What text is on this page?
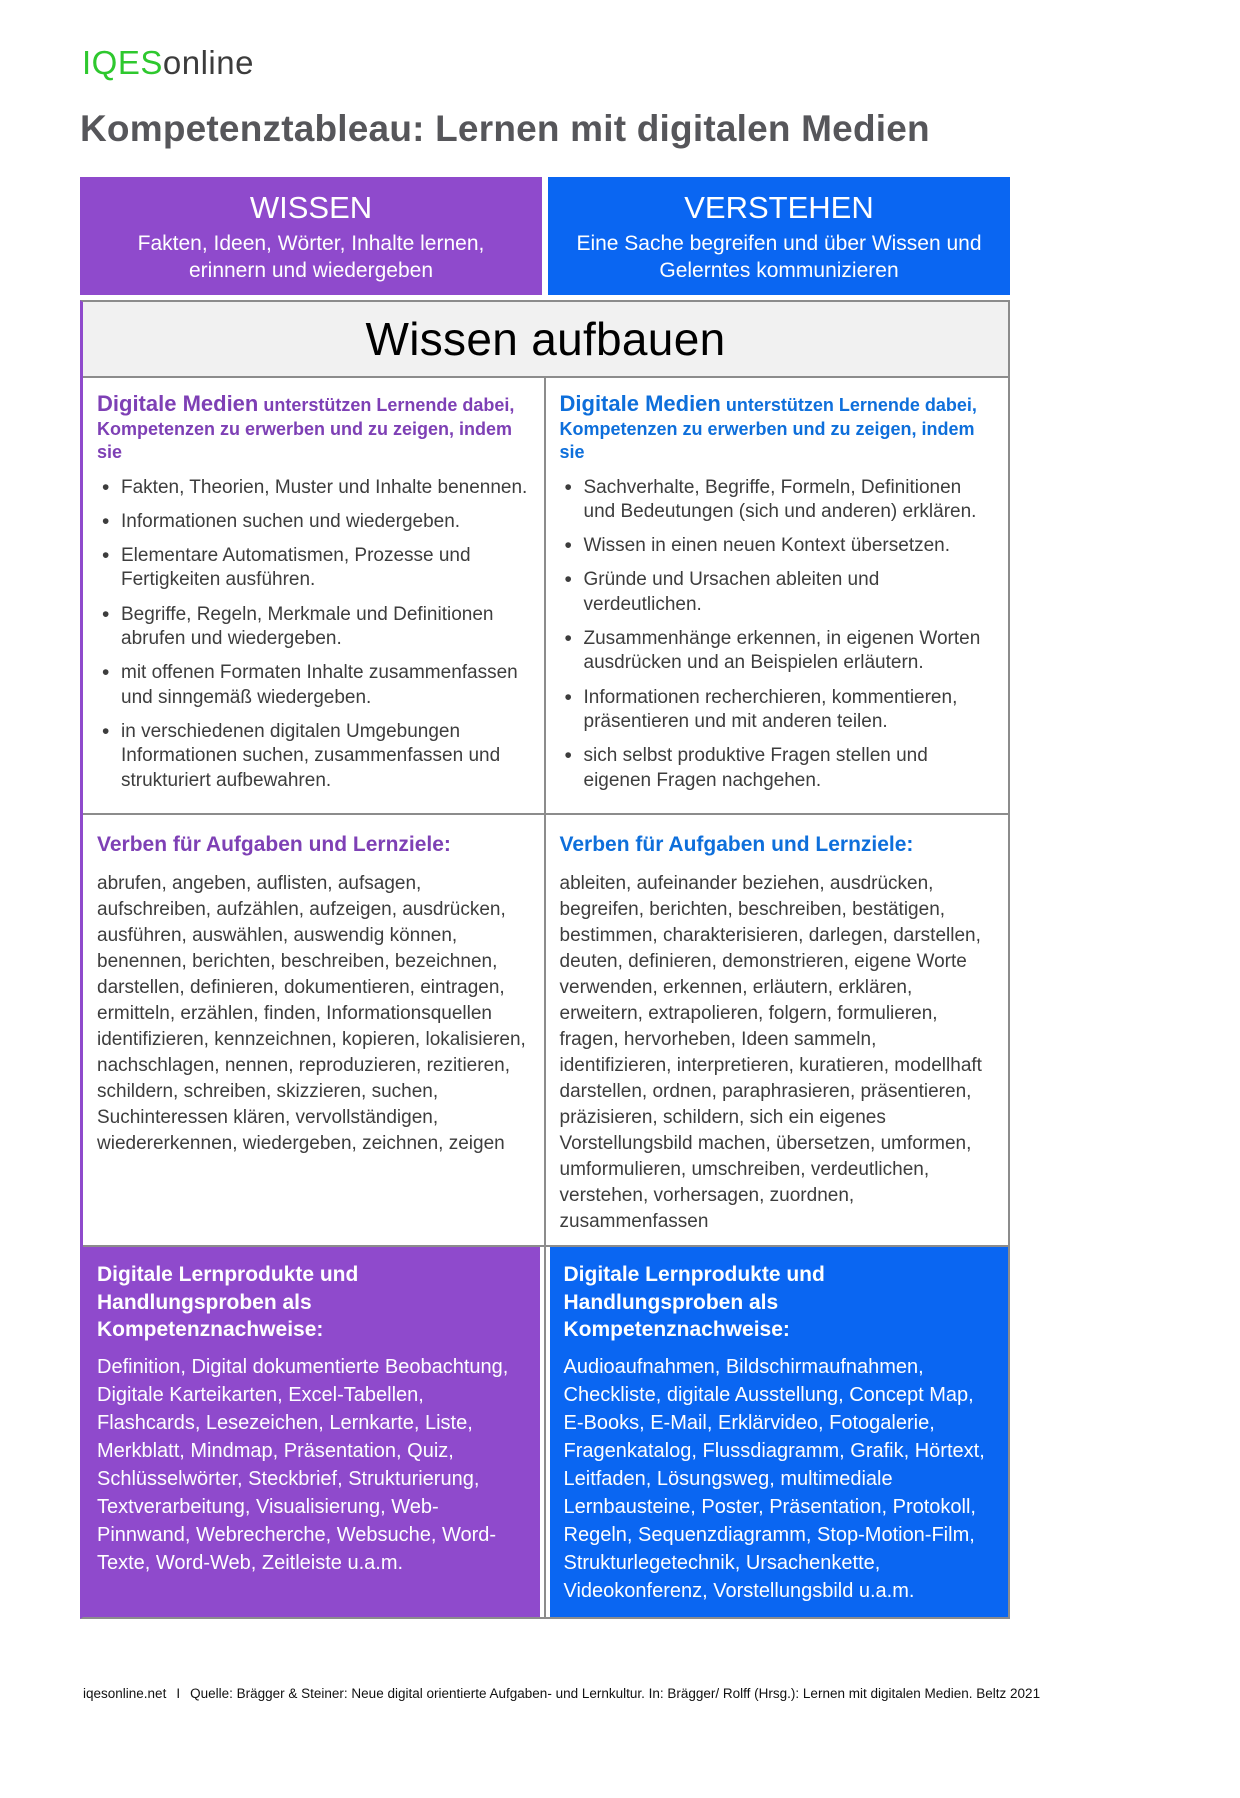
IQESonline
Kompetenztableau: Lernen mit digitalen Medien
WISSEN
Fakten, Ideen, Wörter, Inhalte lernen, erinnern und wiedergeben
VERSTEHEN
Eine Sache begreifen und über Wissen und Gelerntes kommunizieren
Wissen aufbauen

Digitale Medien unterstützen Lernende dabei, Kompetenzen zu erwerben und zu zeigen, indem sie

• Fakten, Theorien, Muster und Inhalte benennen.
• Informationen suchen und wiedergeben.
• Elementare Automatismen, Prozesse und Fertigkeiten ausführen.
• Begriffe, Regeln, Merkmale und Definitionen abrufen und wiedergeben.
• mit offenen Formaten Inhalte zusammenfassen und sinngemäß wiedergeben.
• in verschiedenen digitalen Umgebungen Informationen suchen, zusammenfassen und strukturiert aufbewahren.

Digitale Medien unterstützen Lernende dabei, Kompetenzen zu erwerben und zu zeigen, indem sie

• Sachverhalte, Begriffe, Formeln, Definitionen und Bedeutungen (sich und anderen) erklären.
• Wissen in einen neuen Kontext übersetzen.
• Gründe und Ursachen ableiten und verdeutlichen.
• Zusammenhänge erkennen, in eigenen Worten ausdrücken und an Beispielen erläutern.
• Informationen recherchieren, kommentieren, präsentieren und mit anderen teilen.
• sich selbst produktive Fragen stellen und eigenen Fragen nachgehen.

Verben für Aufgaben und Lernziele:

abrufen, angeben, auflisten, aufsagen, aufschreiben, aufzählen, aufzeigen, ausdrücken, ausführen, auswählen, auswendig können, benennen, berichten, beschreiben, bezeichnen, darstellen, definieren, dokumentieren, eintragen, ermitteln, erzählen, finden, Informationsquellen identifizieren, kennzeichnen, kopieren, lokalisieren, nachschlagen, nennen, reproduzieren, rezitieren, schildern, schreiben, skizzieren, suchen, Suchinteressen klären, vervollständigen, wiedererkennen, wiedergeben, zeichnen, zeigen

Verben für Aufgaben und Lernziele:

ableiten, aufeinander beziehen, ausdrücken, begreifen, berichten, beschreiben, bestätigen, bestimmen, charakterisieren, darlegen, darstellen, deuten, definieren, demonstrieren, eigene Worte verwenden, erkennen, erläutern, erklären, erweitern, extrapolieren, folgern, formulieren, fragen, hervorheben, Ideen sammeln, identifizieren, interpretieren, kuratieren, modellhaft darstellen, ordnen, paraphrasieren, präsentieren, präzisieren, schildern, sich ein eigenes Vorstellungsbild machen, übersetzen, umformen, umformulieren, umschreiben, verdeutlichen, verstehen, vorhersagen, zuordnen, zusammenfassen

Digitale Lernprodukte und Handlungsproben als Kompetenznachweise:

Definition, Digital dokumentierte Beobachtung, Digitale Karteikarten, Excel-Tabellen, Flashcards, Lesezeichen, Lernkarte, Liste, Merkblatt, Mindmap, Präsentation, Quiz, Schlüsselwörter, Steckbrief, Strukturierung, Textverarbeitung, Visualisierung, Web-Pinnwand, Webrecherche, Websuche, Word-Texte, Word-Web, Zeitleiste u.a.m.

Digitale Lernprodukte und Handlungsproben als Kompetenznachweise:

Audioaufnahmen, Bildschirmaufnahmen, Checkliste, digitale Ausstellung, Concept Map, E-Books, E-Mail, Erklärvideo, Fotogalerie, Fragenkatalog, Flussdiagramm, Grafik, Hörtext, Leitfaden, Lösungsweg, multimediale Lernbausteine, Poster, Präsentation, Protokoll, Regeln, Sequenzdiagramm, Stop-Motion-Film, Strukturlegetechnik, Ursachenkette, Videokonferenz, Vorstellungsbild u.a.m.

iqesonline.net I Quelle: Brägger & Steiner: Neue digital orientierte Aufgaben- und Lernkultur. In: Brägger/ Rolff (Hrsg.): Lernen mit digitalen Medien. Beltz 2021
